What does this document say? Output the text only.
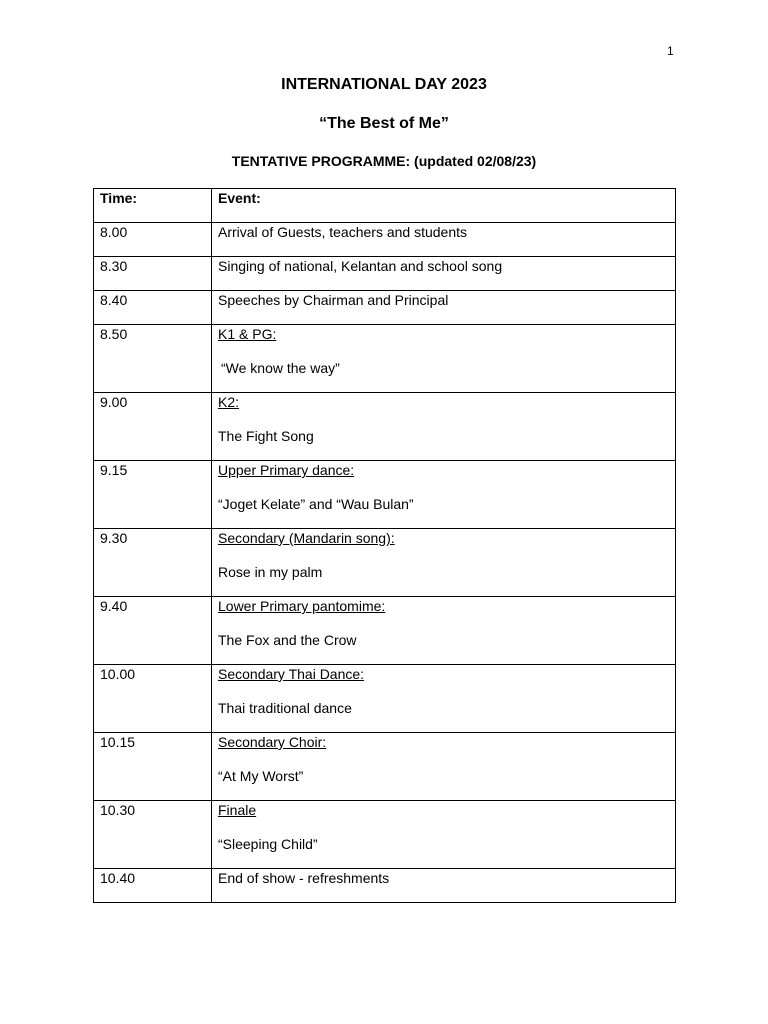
1
INTERNATIONAL DAY 2023
“The Best of Me”
TENTATIVE PROGRAMME: (updated 02/08/23)
Time:	Event:
8.00	Arrival of Guests, teachers and students
8.30	Singing of national, Kelantan and school song
8.40	Speeches by Chairman and Principal
8.50	K1 & PG:
“We know the way”

9.00	K2:
The Fight Song

9.15	Upper Primary dance:
“Joget Kelate” and “Wau Bulan”

9.30	Secondary (Mandarin song):
Rose in my palm

9.40	Lower Primary pantomime:
The Fox and the Crow

10.00	Secondary Thai Dance:
Thai traditional dance

10.15	Secondary Choir:
“At My Worst”

10.30	Finale
“Sleeping Child”

10.40	End of show - refreshments
